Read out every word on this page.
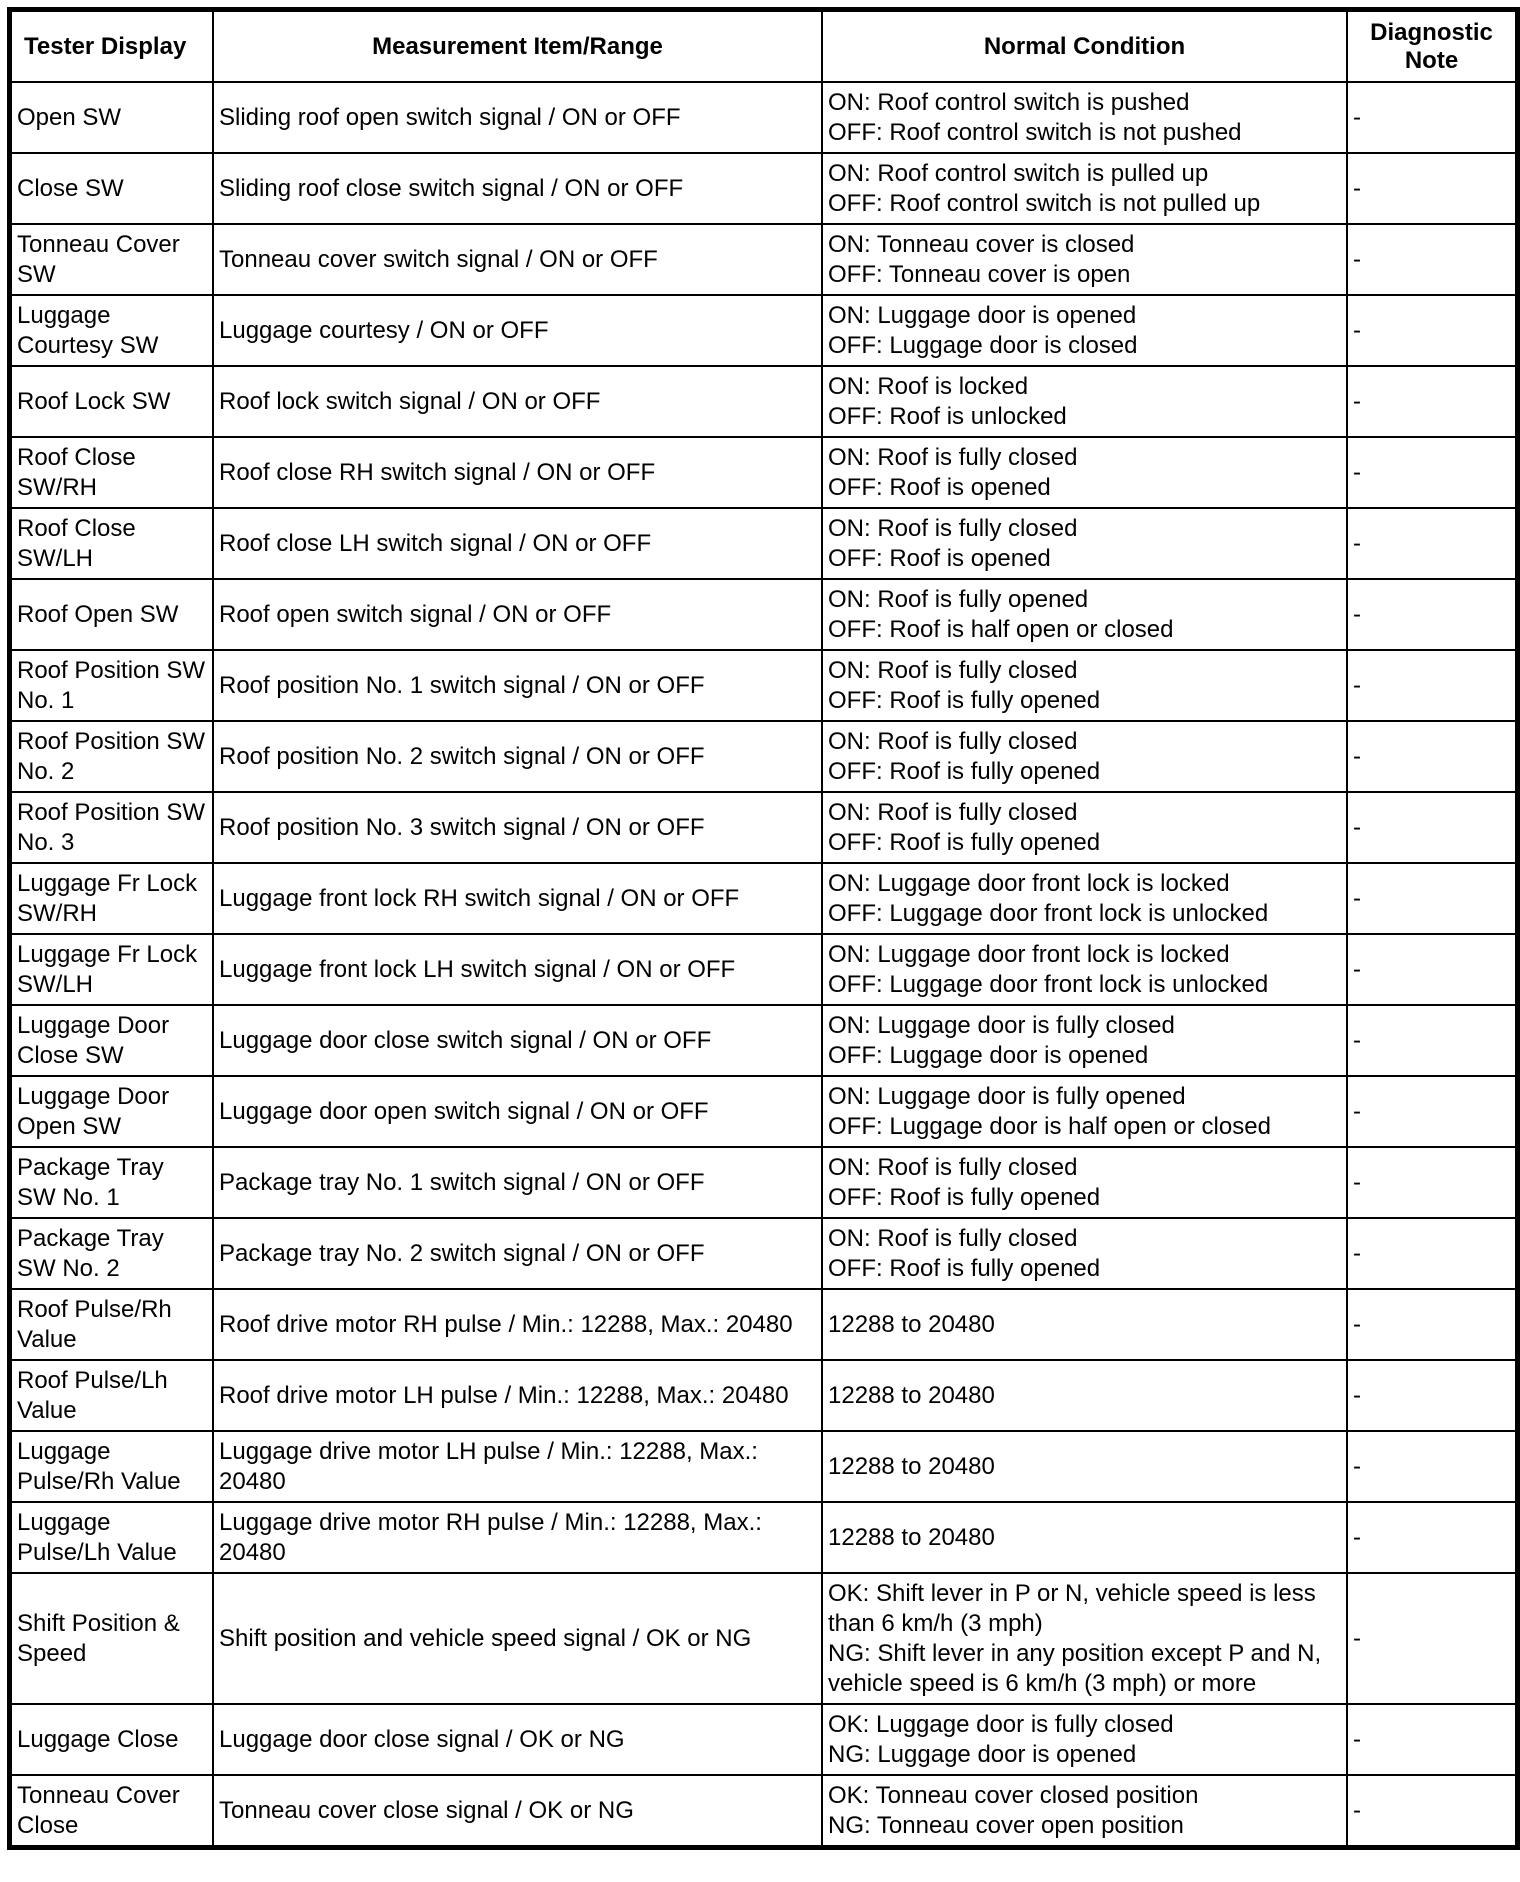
Tester Display	Measurement Item/Range	Normal Condition	Diagnostic Note
Open SW	Sliding roof open switch signal / ON or OFF	ON: Roof control switch is pushed
OFF: Roof control switch is not pushed	-
Close SW	Sliding roof close switch signal / ON or OFF	ON: Roof control switch is pulled up
OFF: Roof control switch is not pulled up	-
Tonneau Cover SW	Tonneau cover switch signal / ON or OFF	ON: Tonneau cover is closed
OFF: Tonneau cover is open	-
Luggage Courtesy SW	Luggage courtesy / ON or OFF	ON: Luggage door is opened
OFF: Luggage door is closed	-
Roof Lock SW	Roof lock switch signal / ON or OFF	ON: Roof is locked
OFF: Roof is unlocked	-
Roof Close SW/RH	Roof close RH switch signal / ON or OFF	ON: Roof is fully closed
OFF: Roof is opened	-
Roof Close SW/LH	Roof close LH switch signal / ON or OFF	ON: Roof is fully closed
OFF: Roof is opened	-
Roof Open SW	Roof open switch signal / ON or OFF	ON: Roof is fully opened
OFF: Roof is half open or closed	-
Roof Position SW No. 1	Roof position No. 1 switch signal / ON or OFF	ON: Roof is fully closed
OFF: Roof is fully opened	-
Roof Position SW No. 2	Roof position No. 2 switch signal / ON or OFF	ON: Roof is fully closed
OFF: Roof is fully opened	-
Roof Position SW No. 3	Roof position No. 3 switch signal / ON or OFF	ON: Roof is fully closed
OFF: Roof is fully opened	-
Luggage Fr Lock SW/RH	Luggage front lock RH switch signal / ON or OFF	ON: Luggage door front lock is locked
OFF: Luggage door front lock is unlocked	-
Luggage Fr Lock SW/LH	Luggage front lock LH switch signal / ON or OFF	ON: Luggage door front lock is locked
OFF: Luggage door front lock is unlocked	-
Luggage Door Close SW	Luggage door close switch signal / ON or OFF	ON: Luggage door is fully closed
OFF: Luggage door is opened	-
Luggage Door Open SW	Luggage door open switch signal / ON or OFF	ON: Luggage door is fully opened
OFF: Luggage door is half open or closed	-
Package Tray SW No. 1	Package tray No. 1 switch signal / ON or OFF	ON: Roof is fully closed
OFF: Roof is fully opened	-
Package Tray SW No. 2	Package tray No. 2 switch signal / ON or OFF	ON: Roof is fully closed
OFF: Roof is fully opened	-
Roof Pulse/Rh Value	Roof drive motor RH pulse / Min.: 12288, Max.: 20480	12288 to 20480	-
Roof Pulse/Lh Value	Roof drive motor LH pulse / Min.: 12288, Max.: 20480	12288 to 20480	-
Luggage Pulse/Rh Value	Luggage drive motor LH pulse / Min.: 12288, Max.: 20480	12288 to 20480	-
Luggage Pulse/Lh Value	Luggage drive motor RH pulse / Min.: 12288, Max.: 20480	12288 to 20480	-
Shift Position & Speed	Shift position and vehicle speed signal / OK or NG	OK: Shift lever in P or N, vehicle speed is less than 6 km/h (3 mph)
NG: Shift lever in any position except P and N, vehicle speed is 6 km/h (3 mph) or more	-
Luggage Close	Luggage door close signal / OK or NG	OK: Luggage door is fully closed
NG: Luggage door is opened	-
Tonneau Cover Close	Tonneau cover close signal / OK or NG	OK: Tonneau cover closed position
NG: Tonneau cover open position	-
